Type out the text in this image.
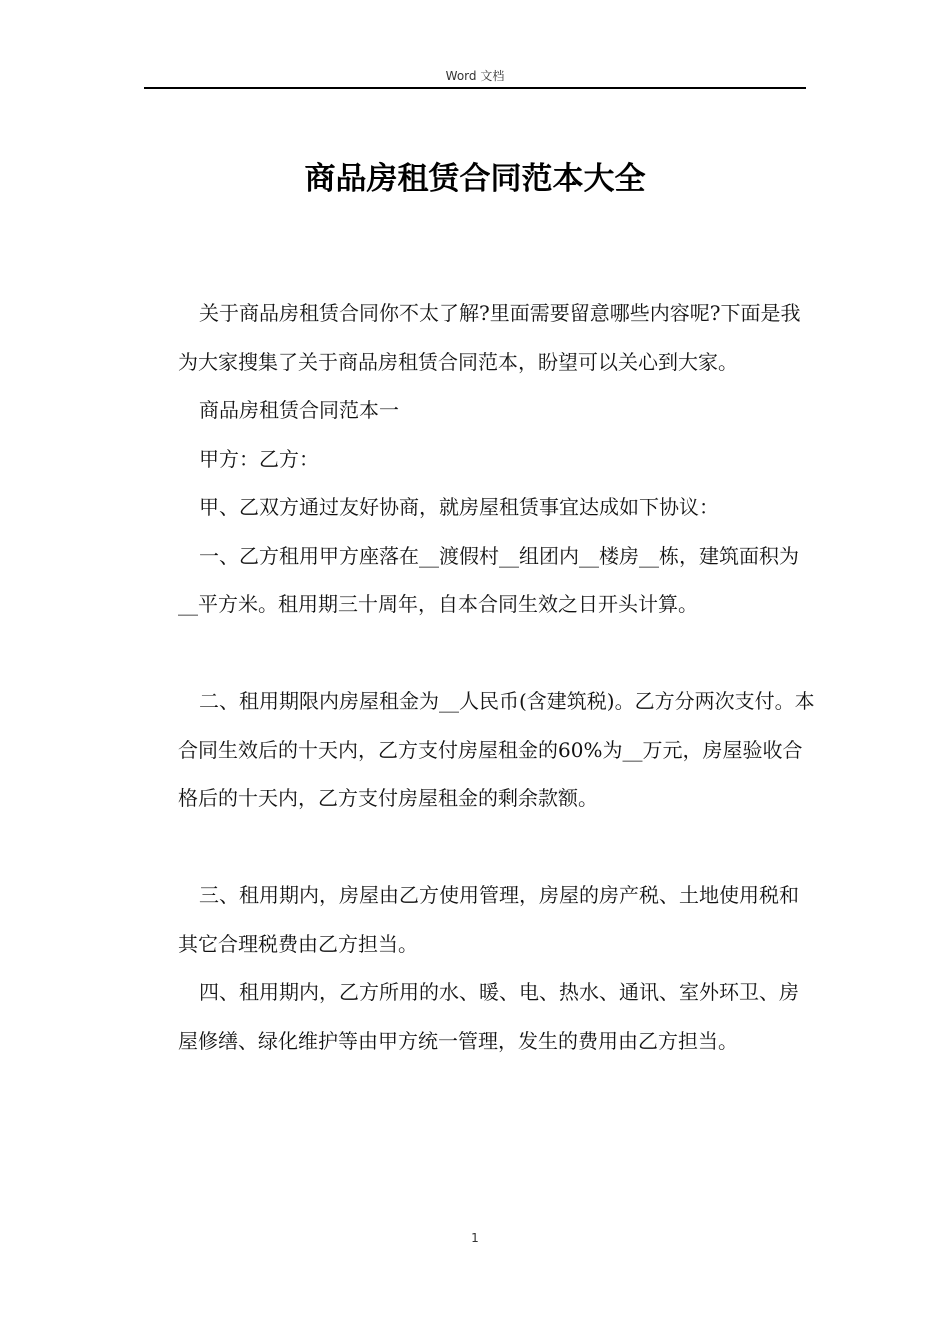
Word 文档
商品房租赁合同范本大全

关于商品房租赁合同你不太了解?里面需要留意哪些内容呢?下面是我为大家搜集了关于商品房租赁合同范本，盼望可以关心到大家。

商品房租赁合同范本一

甲方：乙方：

甲、乙双方通过友好协商，就房屋租赁事宜达成如下协议：

一、乙方租用甲方座落在__渡假村__组团内__楼房__栋，建筑面积为__平方米。租用期三十周年，自本合同生效之日开头计算。

二、租用期限内房屋租金为__人民币(含建筑税)。乙方分两次支付。本合同生效后的十天内，乙方支付房屋租金的60%为__万元，房屋验收合格后的十天内，乙方支付房屋租金的剩余款额。

三、租用期内，房屋由乙方使用管理，房屋的房产税、土地使用税和其它合理税费由乙方担当。

四、租用期内，乙方所用的水、暖、电、热水、通讯、室外环卫、房屋修缮、绿化维护等由甲方统一管理，发生的费用由乙方担当。

1
